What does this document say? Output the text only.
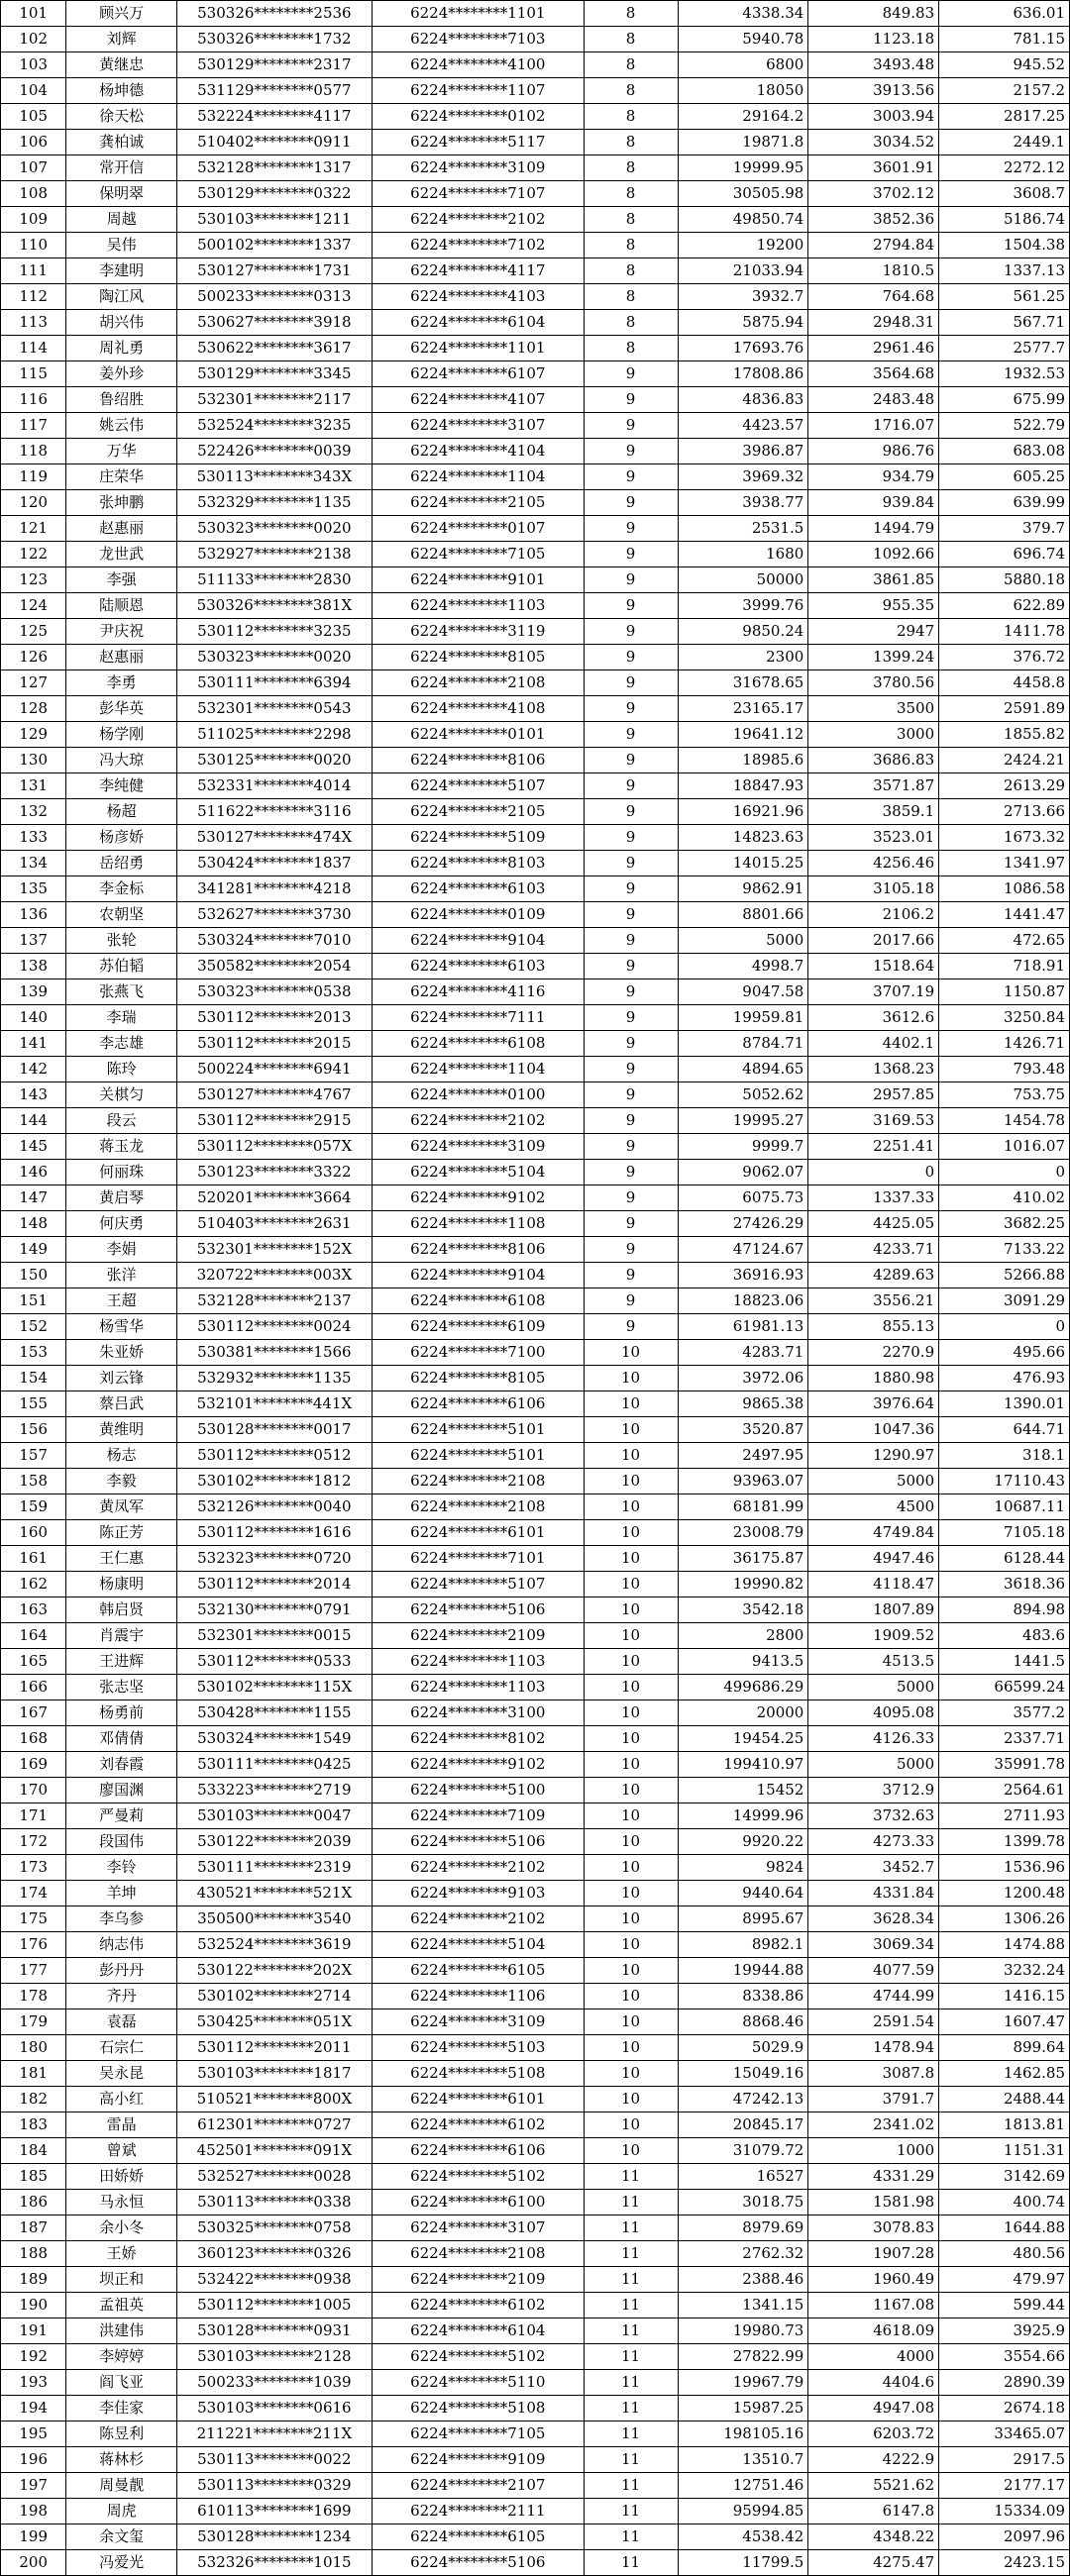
101	顾兴万	530326********2536	6224********1101	8	4338.34	849.83	636.01
102	刘辉	530326********1732	6224********7103	8	5940.78	1123.18	781.15
103	黄继忠	530129********2317	6224********4100	8	6800	3493.48	945.52
104	杨坤德	531129********0577	6224********1107	8	18050	3913.56	2157.2
105	徐天松	532224********4117	6224********0102	8	29164.2	3003.94	2817.25
106	龚柏诚	510402********0911	6224********5117	8	19871.8	3034.52	2449.1
107	常开信	532128********1317	6224********3109	8	19999.95	3601.91	2272.12
108	保明翠	530129********0322	6224********7107	8	30505.98	3702.12	3608.7
109	周越	530103********1211	6224********2102	8	49850.74	3852.36	5186.74
110	吴伟	500102********1337	6224********7102	8	19200	2794.84	1504.38
111	李建明	530127********1731	6224********4117	8	21033.94	1810.5	1337.13
112	陶江风	500233********0313	6224********4103	8	3932.7	764.68	561.25
113	胡兴伟	530627********3918	6224********6104	8	5875.94	2948.31	567.71
114	周礼勇	530622********3617	6224********1101	8	17693.76	2961.46	2577.7
115	姜外珍	530129********3345	6224********6107	9	17808.86	3564.68	1932.53
116	鲁绍胜	532301********2117	6224********4107	9	4836.83	2483.48	675.99
117	姚云伟	532524********3235	6224********3107	9	4423.57	1716.07	522.79
118	万华	522426********0039	6224********4104	9	3986.87	986.76	683.08
119	庄荣华	530113********343X	6224********1104	9	3969.32	934.79	605.25
120	张坤鹏	532329********1135	6224********2105	9	3938.77	939.84	639.99
121	赵惠丽	530323********0020	6224********0107	9	2531.5	1494.79	379.7
122	龙世武	532927********2138	6224********7105	9	1680	1092.66	696.74
123	李强	511133********2830	6224********9101	9	50000	3861.85	5880.18
124	陆顺恩	530326********381X	6224********1103	9	3999.76	955.35	622.89
125	尹庆祝	530112********3235	6224********3119	9	9850.24	2947	1411.78
126	赵惠丽	530323********0020	6224********8105	9	2300	1399.24	376.72
127	李勇	530111********6394	6224********2108	9	31678.65	3780.56	4458.8
128	彭华英	532301********0543	6224********4108	9	23165.17	3500	2591.89
129	杨学刚	511025********2298	6224********0101	9	19641.12	3000	1855.82
130	冯大琼	530125********0020	6224********8106	9	18985.6	3686.83	2424.21
131	李纯健	532331********4014	6224********5107	9	18847.93	3571.87	2613.29
132	杨超	511622********3116	6224********2105	9	16921.96	3859.1	2713.66
133	杨彦娇	530127********474X	6224********5109	9	14823.63	3523.01	1673.32
134	岳绍勇	530424********1837	6224********8103	9	14015.25	4256.46	1341.97
135	李金标	341281********4218	6224********6103	9	9862.91	3105.18	1086.58
136	农朝坚	532627********3730	6224********0109	9	8801.66	2106.2	1441.47
137	张轮	530324********7010	6224********9104	9	5000	2017.66	472.65
138	苏伯韬	350582********2054	6224********6103	9	4998.7	1518.64	718.91
139	张燕飞	530323********0538	6224********4116	9	9047.58	3707.19	1150.87
140	李瑞	530112********2013	6224********7111	9	19959.81	3612.6	3250.84
141	李志雄	530112********2015	6224********6108	9	8784.71	4402.1	1426.71
142	陈玲	500224********6941	6224********1104	9	4894.65	1368.23	793.48
143	关棋匀	530127********4767	6224********0100	9	5052.62	2957.85	753.75
144	段云	530112********2915	6224********2102	9	19995.27	3169.53	1454.78
145	蒋玉龙	530112********057X	6224********3109	9	9999.7	2251.41	1016.07
146	何丽珠	530123********3322	6224********5104	9	9062.07	0	0
147	黄启琴	520201********3664	6224********9102	9	6075.73	1337.33	410.02
148	何庆勇	510403********2631	6224********1108	9	27426.29	4425.05	3682.25
149	李娟	532301********152X	6224********8106	9	47124.67	4233.71	7133.22
150	张洋	320722********003X	6224********9104	9	36916.93	4289.63	5266.88
151	王超	532128********2137	6224********6108	9	18823.06	3556.21	3091.29
152	杨雪华	530112********0024	6224********6109	9	61981.13	855.13	0
153	朱亚娇	530381********1566	6224********7100	10	4283.71	2270.9	495.66
154	刘云锋	532932********1135	6224********8105	10	3972.06	1880.98	476.93
155	蔡吕武	532101********441X	6224********6106	10	9865.38	3976.64	1390.01
156	黄维明	530128********0017	6224********5101	10	3520.87	1047.36	644.71
157	杨志	530112********0512	6224********5101	10	2497.95	1290.97	318.1
158	李毅	530102********1812	6224********2108	10	93963.07	5000	17110.43
159	黄凤军	532126********0040	6224********2108	10	68181.99	4500	10687.11
160	陈正芳	530112********1616	6224********6101	10	23008.79	4749.84	7105.18
161	王仁惠	532323********0720	6224********7101	10	36175.87	4947.46	6128.44
162	杨康明	530112********2014	6224********5107	10	19990.82	4118.47	3618.36
163	韩启贤	532130********0791	6224********5106	10	3542.18	1807.89	894.98
164	肖震宇	532301********0015	6224********2109	10	2800	1909.52	483.6
165	王进辉	530112********0533	6224********1103	10	9413.5	4513.5	1441.5
166	张志坚	530102********115X	6224********1103	10	499686.29	5000	66599.24
167	杨勇前	530428********1155	6224********3100	10	20000	4095.08	3577.2
168	邓倩倩	530324********1549	6224********8102	10	19454.25	4126.33	2337.71
169	刘春霞	530111********0425	6224********9102	10	199410.97	5000	35991.78
170	廖国渊	533223********2719	6224********5100	10	15452	3712.9	2564.61
171	严曼莉	530103********0047	6224********7109	10	14999.96	3732.63	2711.93
172	段国伟	530122********2039	6224********5106	10	9920.22	4273.33	1399.78
173	李铃	530111********2319	6224********2102	10	9824	3452.7	1536.96
174	羊坤	430521********521X	6224********9103	10	9440.64	4331.84	1200.48
175	李乌参	350500********3540	6224********2102	10	8995.67	3628.34	1306.26
176	纳志伟	532524********3619	6224********5104	10	8982.1	3069.34	1474.88
177	彭丹丹	530122********202X	6224********6105	10	19944.88	4077.59	3232.24
178	齐丹	530102********2714	6224********1106	10	8338.86	4744.99	1416.15
179	袁磊	530425********051X	6224********3109	10	8868.46	2591.54	1607.47
180	石宗仁	530112********2011	6224********5103	10	5029.9	1478.94	899.64
181	吴永昆	530103********1817	6224********5108	10	15049.16	3087.8	1462.85
182	高小红	510521********800X	6224********6101	10	47242.13	3791.7	2488.44
183	雷晶	612301********0727	6224********6102	10	20845.17	2341.02	1813.81
184	曾斌	452501********091X	6224********6106	10	31079.72	1000	1151.31
185	田娇娇	532527********0028	6224********5102	11	16527	4331.29	3142.69
186	马永恒	530113********0338	6224********6100	11	3018.75	1581.98	400.74
187	余小冬	530325********0758	6224********3107	11	8979.69	3078.83	1644.88
188	王娇	360123********0326	6224********2108	11	2762.32	1907.28	480.56
189	坝正和	532422********0938	6224********2109	11	2388.46	1960.49	479.97
190	孟祖英	530112********1005	6224********6102	11	1341.15	1167.08	599.44
191	洪建伟	530128********0931	6224********6104	11	19980.73	4618.09	3925.9
192	李婷婷	530103********2128	6224********5102	11	27822.99	4000	3554.66
193	阎飞亚	500233********1039	6224********5110	11	19967.79	4404.6	2890.39
194	李佳家	530103********0616	6224********5108	11	15987.25	4947.08	2674.18
195	陈昱利	211221********211X	6224********7105	11	198105.16	6203.72	33465.07
196	蒋林杉	530113********0022	6224********9109	11	13510.7	4222.9	2917.5
197	周曼靓	530113********0329	6224********2107	11	12751.46	5521.62	2177.17
198	周虎	610113********1699	6224********2111	11	95994.85	6147.8	15334.09
199	余文玺	530128********1234	6224********6105	11	4538.42	4348.22	2097.96
200	冯爱光	532326********1015	6224********5106	11	11799.5	4275.47	2423.15
